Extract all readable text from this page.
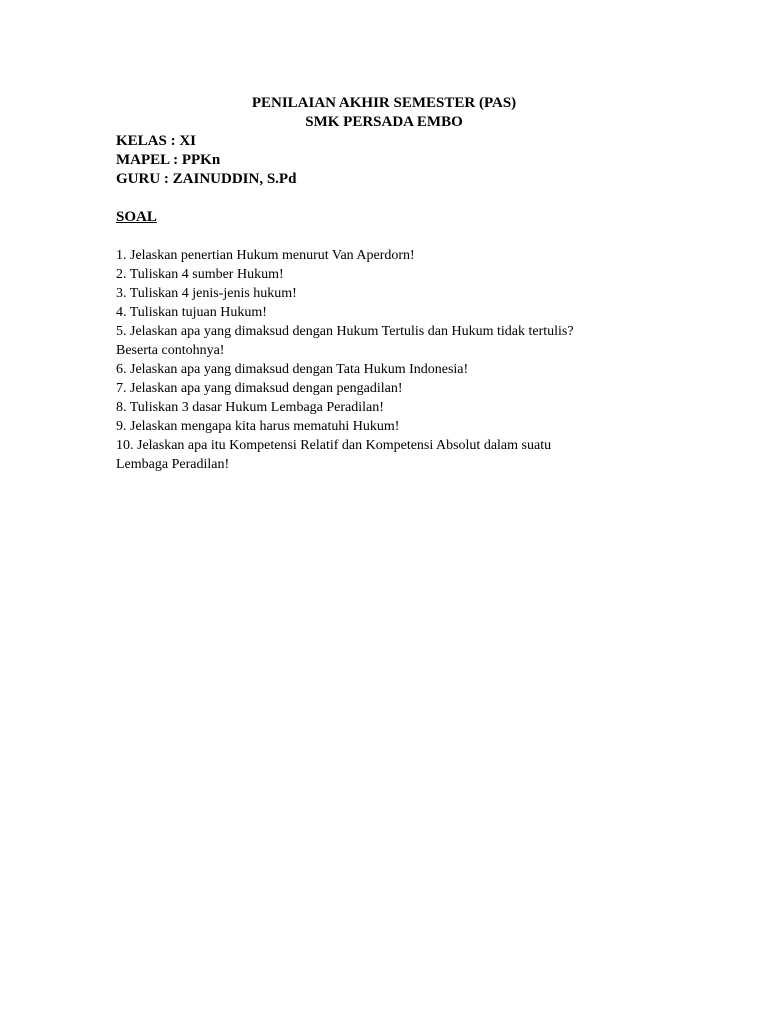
PENILAIAN AKHIR SEMESTER (PAS)
SMK PERSADA EMBO
KELAS : XI
MAPEL : PPKn
GURU : ZAINUDDIN, S.Pd
SOAL
1. Jelaskan penertian Hukum menurut Van Aperdorn!
2. Tuliskan 4 sumber Hukum!
3. Tuliskan 4 jenis-jenis hukum!
4. Tuliskan tujuan Hukum!
5. Jelaskan apa yang dimaksud dengan Hukum Tertulis dan Hukum tidak tertulis?
Beserta contohnya!
6. Jelaskan apa yang dimaksud dengan Tata Hukum Indonesia!
7. Jelaskan apa yang dimaksud dengan pengadilan!
8. Tuliskan 3 dasar Hukum Lembaga Peradilan!
9. Jelaskan mengapa kita harus mematuhi Hukum!
10. Jelaskan apa itu Kompetensi Relatif dan Kompetensi Absolut dalam suatu
Lembaga Peradilan!
